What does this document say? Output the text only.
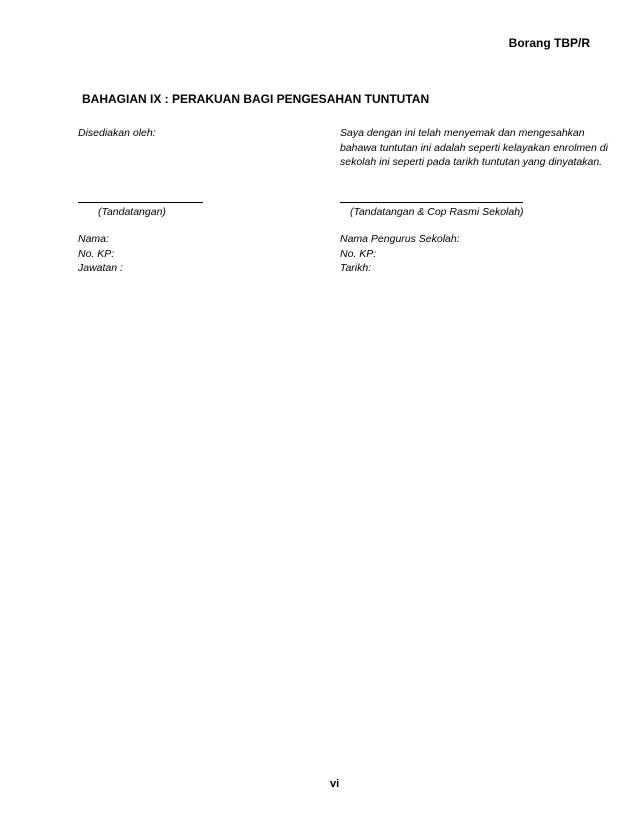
Borang TBP/R
BAHAGIAN IX : PERAKUAN BAGI PENGESAHAN TUNTUTAN
Disediakan oleh:	Saya dengan ini telah menyemak dan mengesahkan bahawa tuntutan ini adalah seperti kelayakan enrolmen di sekolah ini seperti pada tarikh tuntutan yang dinyatakan.
(Tandatangan)	(Tandatangan & Cop Rasmi Sekolah)
Nama:
No. KP:
Jawatan :
Nama Pengurus Sekolah:
No. KP:
Tarikh:
vi
